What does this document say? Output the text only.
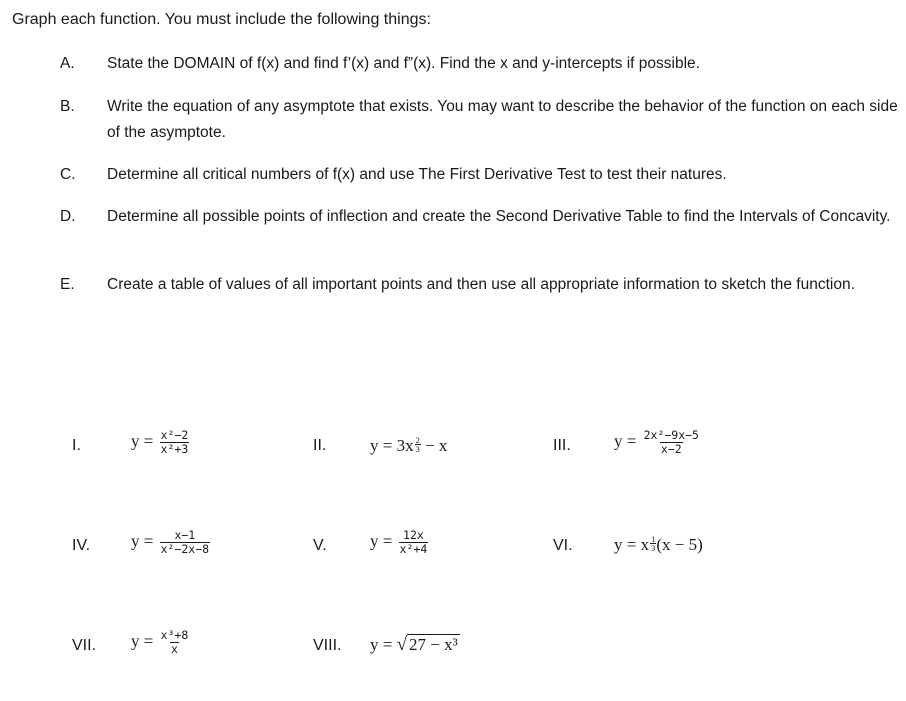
Graph each function. You must include the following things:
A. State the DOMAIN of f(x) and find f’(x) and f”(x). Find the x and y-intercepts if possible.
B. Write the equation of any asymptote that exists. You may want to describe the behavior of the function on each side of the asymptote.
C. Determine all critical numbers of f(x) and use The First Derivative Test to test their natures.
D. Determine all possible points of inflection and create the Second Derivative Table to find the Intervals of Concavity.
E. Create a table of values of all important points and then use all appropriate information to sketch the function.
I.	$y = \frac{\text{x²−2}}{\text{x²+3}}$	II.	$y = 3x \frac{2}{3} - x$	III.	$y = \frac{\text{2x²−9x−5}}{x-2}$
IV. $y = \frac{x-1}{\text{x²−2x−8}}$	V.	$y = \frac{12x}{\text{x²+4}}$	VI. y = x $\frac{1}{3} (x - 5)$
VII. $y = \frac{\text{x³+8}}{x}$	VIII. y = √ 27 − x³
